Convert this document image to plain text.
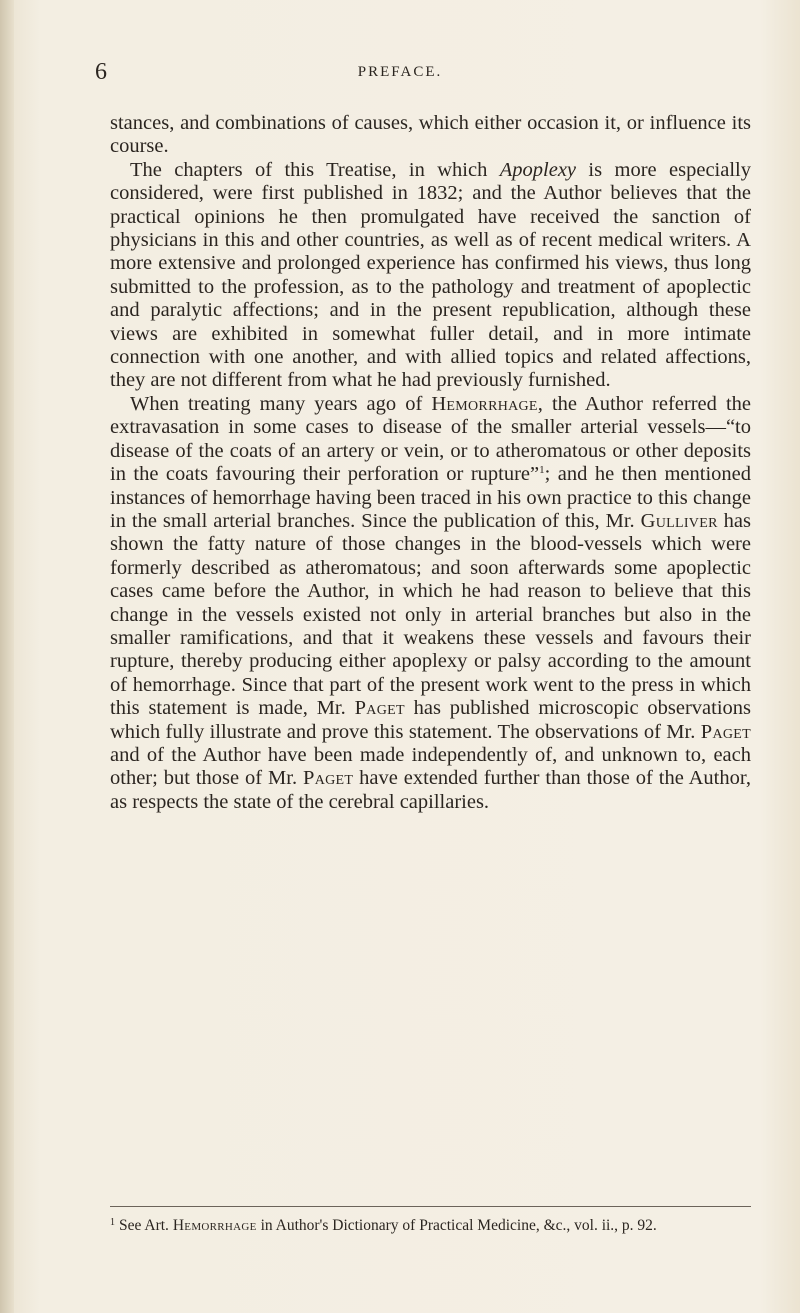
6	PREFACE.

stances, and combinations of causes, which either occasion it, or influence its course.

The chapters of this Treatise, in which Apoplexy is more especially considered, were first published in 1832; and the Author believes that the practical opinions he then promulgated have received the sanction of physicians in this and other countries, as well as of recent medical writers. A more extensive and prolonged experience has confirmed his views, thus long submitted to the profession, as to the pathology and treatment of apoplectic and paralytic affections; and in the present republication, although these views are exhibited in somewhat fuller detail, and in more intimate connection with one another, and with allied topics and related affections, they are not different from what he had previously furnished.

When treating many years ago of Hemorrhage, the Author referred the extravasation in some cases to disease of the smaller arterial vessels—“to disease of the coats of an artery or vein, or to atheromatous or other deposits in the coats favouring their perforation or rupture”$^1$; and he then mentioned instances of hemorrhage having been traced in his own practice to this change in the small arterial branches. Since the publication of this, Mr. Gulliver has shown the fatty nature of those changes in the blood-vessels which were formerly described as atheromatous; and soon afterwards some apoplectic cases came before the Author, in which he had reason to believe that this change in the vessels existed not only in arterial branches but also in the smaller ramifications, and that it weakens these vessels and favours their rupture, thereby producing either apoplexy or palsy according to the amount of hemorrhage. Since that part of the present work went to the press in which this statement is made, Mr. Paget has published microscopic observations which fully illustrate and prove this statement. The observations of Mr. Paget and of the Author have been made independently of, and unknown to, each other; but those of Mr. Paget have extended further than those of the Author, as respects the state of the cerebral capillaries.

$^1$ See Art. Hemorrhage in Author's Dictionary of Practical Medicine, &c., vol. ii., p. 92.
